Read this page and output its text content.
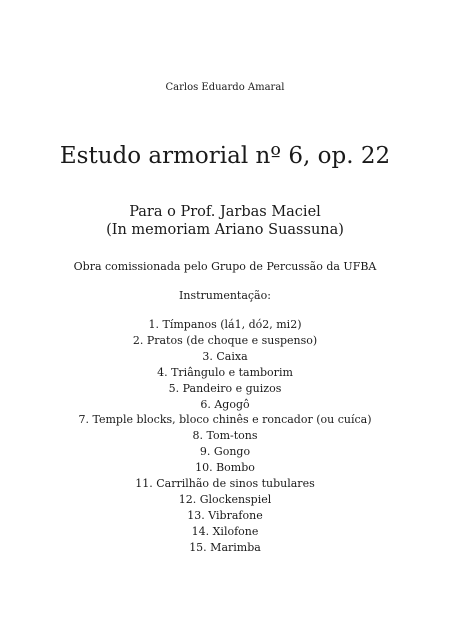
Carlos Eduardo Amaral
Estudo armorial nº 6, op. 22
Para o Prof. Jarbas Maciel
(In memoriam Ariano Suassuna)
Obra comissionada pelo Grupo de Percussão da UFBA
Instrumentação:
1. Tímpanos (lá1, dó2, mi2)
2. Pratos (de choque e suspenso)
3. Caixa
4. Triângulo e tamborim
5. Pandeiro e guizos
6. Agogô
7. Temple blocks, bloco chinês e roncador (ou cuíca)
8. Tom-tons
9. Gongo
10. Bombo
11. Carrilhão de sinos tubulares
12. Glockenspiel
13. Vibrafone
14. Xilofone
15. Marimba
